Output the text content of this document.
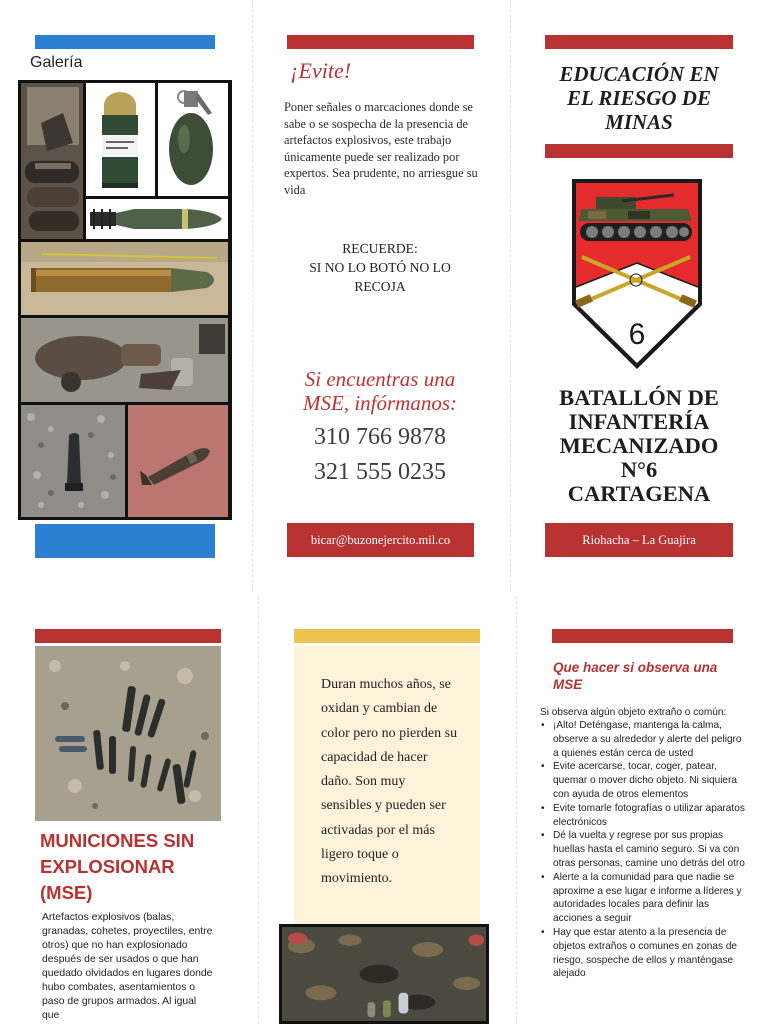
Galería	¡Evite!
Poner señales o marcaciones donde se sabe o se sospecha de la presencia de artefactos explosivos, este trabajo únicamente puede ser realizado por expertos. Sea prudente, no arriesgue su vida
RECUERDE:
SI NO LO BOTÓ NO LO
RECOJA
Si encuentras una MSE, infórmanos:
310 766 9878
321 555 0235
bicar@buzonejercito.mil.co
EDUCACIÓN EN EL RIESGO DE MINAS
6
BATALLÓN DE
INFANTERÍA
MECANIZADO
N°6
CARTAGENA
Riohacha – La Guajira
MUNICIONES SIN EXPLOSIONAR (MSE)
Artefactos explosivos (balas, granadas, cohetes, proyectiles, entre otros) que no han explosionado después de ser usados o que han quedado olvidados en lugares donde hubo combates, asentamientos o paso de grupos armados. Al igual que
Duran muchos años, se oxidan y cambian de color pero no pierden su capacidad de hacer daño. Son muy sensibles y pueden ser activadas por el más ligero toque o movimiento.
Que hacer si observa una MSE
Si observa algún objeto extraño o común:
• ¡Alto! Deténgase, mantenga la calma, observe a su alrededor y alerte del peligro a quienes están cerca de usted
• Evite acercarse, tocar, coger, patear, quemar o mover dicho objeto. Ni siquiera con ayuda de otros elementos
• Evite tomarle fotografías o utilizar aparatos electrónicos
• Dé la vuelta y regrese por sus propias huellas hasta el camino seguro. Si va con otras personas, camine uno detrás del otro
• Alerte a la comunidad para que nadie se aproxime a ese lugar e informe a líderes y autoridades locales para definir las acciones a seguir
• Hay que estar atento a la presencia de objetos extraños o comunes en zonas de riesgo, sospeche de ellos y manténgase alejado
